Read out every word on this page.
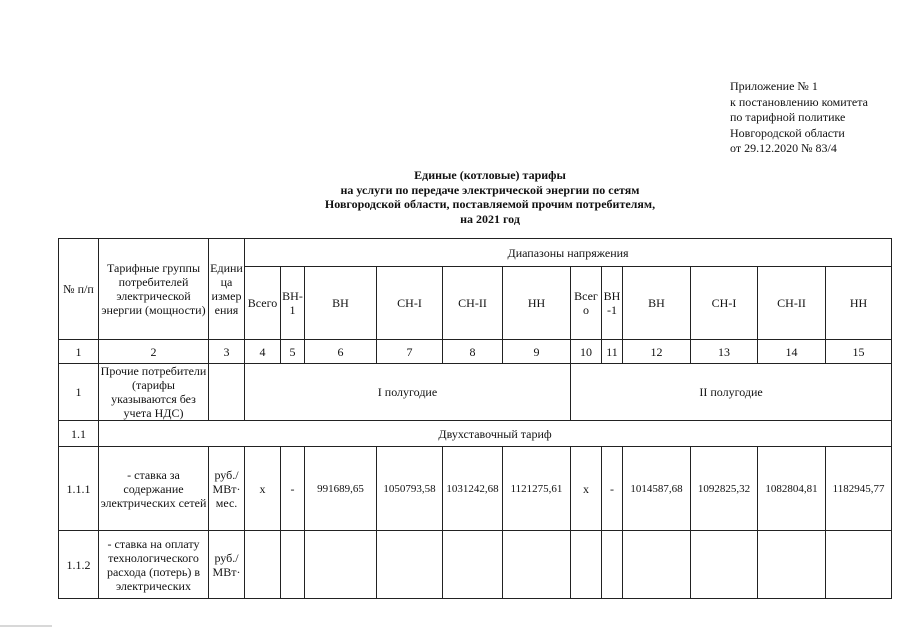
Приложение № 1
к постановлению комитета
по тарифной политике
Новгородской области
от 29.12.2020 № 83/4
Единые (котловые) тарифы
на услуги по передаче электрической энергии по сетям
Новгородской области, поставляемой прочим потребителям,
на 2021 год
№ п/п	Тарифные группы потребителей электрической энергии (мощности)	Единица измерения	Диапазоны напряжения											
			Всего	ВН-1	ВН	СН-I	СН-II	НН	Всего	ВН-1	ВН	СН-I	СН-II	НН
1	2	3	4	5	6	7	8	9	10	11	12	13	14	15
1	Прочие потребители (тарифы указываются без учета НДС)		I полугодие						II полугодие					
1.1	Двухставочный тариф													
1.1.1	- ставка за содержание электрических сетей	руб./МВт·мес.	x	-	991689,65	1050793,58	1031242,68	1121275,61	x	-	1014587,68	1092825,32	1082804,81	1182945,77
1.1.2	- ставка на оплату технологического расхода (потерь) в электрических	руб./МВт·												
